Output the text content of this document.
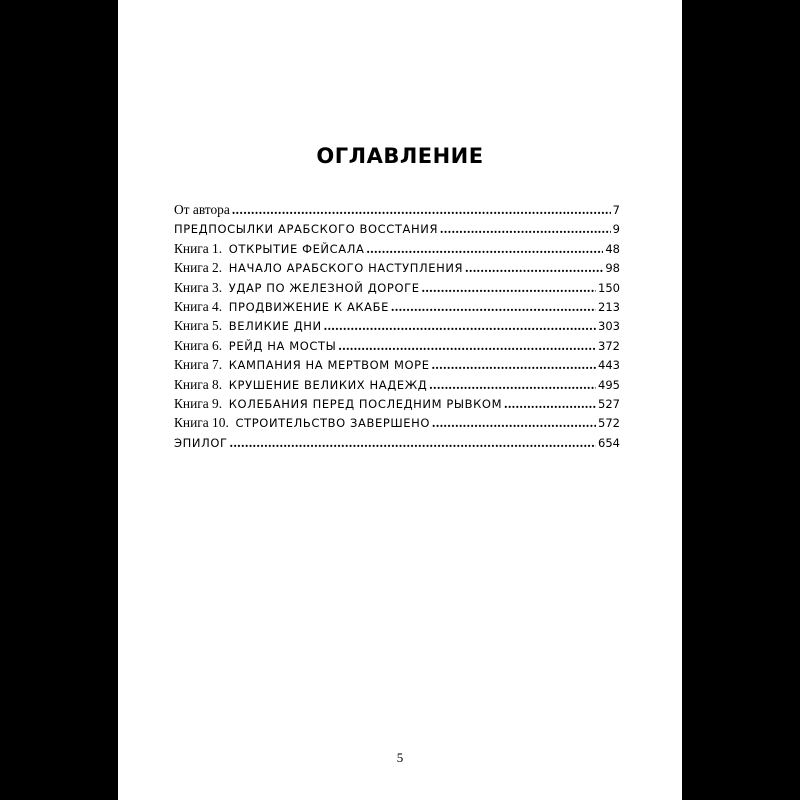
ОГЛАВЛЕНИЕ
От автора .....	7
ПРЕДПОСЫЛКИ АРАБСКОГО ВОССТАНИЯ .....	9
Книга 1. ОТКРЫТИЕ ФЕЙСАЛА .....	48
Книга 2. НАЧАЛО АРАБСКОГО НАСТУПЛЕНИЯ .....	98
Книга 3. УДАР ПО ЖЕЛЕЗНОЙ ДОРОГЕ .....	150
Книга 4. ПРОДВИЖЕНИЕ К АКАБЕ .....	213
Книга 5. ВЕЛИКИЕ ДНИ .....	303
Книга 6. РЕЙД НА МОСТЫ .....	372
Книга 7. КАМПАНИЯ НА МЕРТВОМ МОРЕ .....	443
Книга 8. КРУШЕНИЕ ВЕЛИКИХ НАДЕЖД .....	495
Книга 9. КОЛЕБАНИЯ ПЕРЕД ПОСЛЕДНИМ РЫВКОМ .....	527
Книга 10. СТРОИТЕЛЬСТВО ЗАВЕРШЕНО .....	572
ЭПИЛОГ .....	654
5
